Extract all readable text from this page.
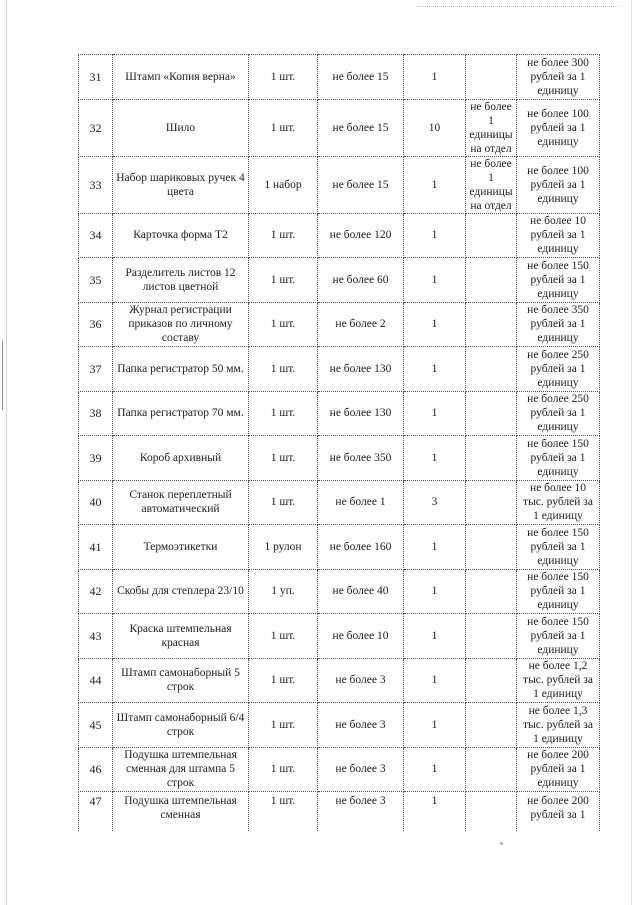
31	Штамп «Копия верна»	1 шт.	не более 15	1		не более 300 рублей за 1 единицу
32	Шило	1 шт.	не более 15	10	не более 1 единицы на отдел	не более 100 рублей за 1 единицу
33	Набор шариковых ручек 4 цвета	1 набор	не более 15	1	не более 1 единицы на отдел	не более 100 рублей за 1 единицу
34	Карточка форма Т2	1 шт.	не более 120	1		не более 10 рублей за 1 единицу
35	Разделитель листов 12 листов цветной	1 шт.	не более 60	1		не более 150 рублей за 1 единицу
36	Журнал регистрации приказов по личному составу	1 шт.	не более 2	1		не более 350 рублей за 1 единицу
37	Папка регистратор 50 мм.	1 шт.	не более 130	1		не более 250 рублей за 1 единицу
38	Папка регистратор 70 мм.	1 шт.	не более 130	1		не более 250 рублей за 1 единицу
39	Короб архивный	1 шт.	не более 350	1		не более 150 рублей за 1 единицу
40	Станок переплетный автоматический	1 шт.	не более 1	3		не более 10 тыс. рублей за 1 единицу
41	Термоэтикетки	1 рулон	не более 160	1		не более 150 рублей за 1 единицу
42	Скобы для степлера 23/10	1 уп.	не более 40	1		не более 150 рублей за 1 единицу
43	Краска штемпельная красная	1 шт.	не более 10	1		не более 150 рублей за 1 единицу
44	Штамп самонаборный 5 строк	1 шт.	не более 3	1		не более 1,2 тыс. рублей за 1 единицу
45	Штамп самонаборный 6/4 строк	1 шт.	не более 3	1		не более 1,3 тыс. рублей за 1 единицу
46	Подушка штемпельная сменная для штампа 5 строк	1 шт.	не более 3	1		не более 200 рублей за 1 единицу
47	Подушка штемпельная сменная	1 шт.	не более 3	1		не более 200 рублей за 1
